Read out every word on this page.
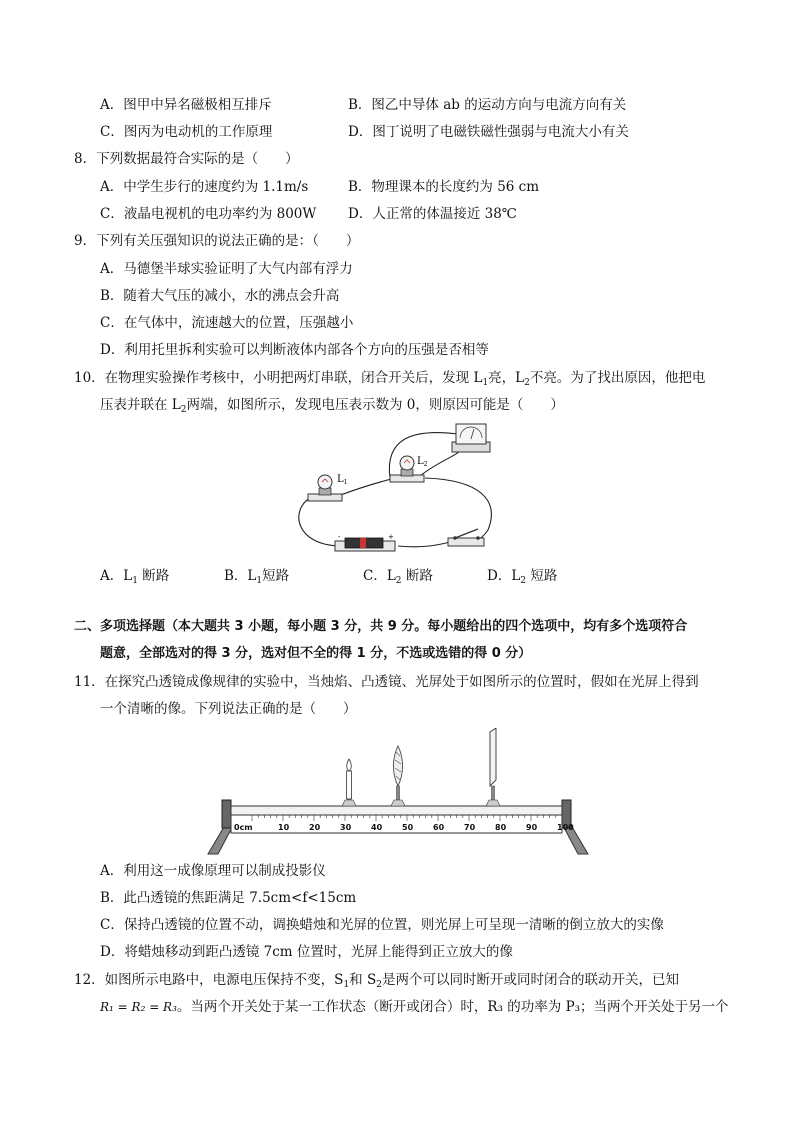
A．图甲中异名磁极相互排斥	B．图乙中导体 ab 的运动方向与电流方向有关
C．图丙为电动机的工作原理	D．图丁说明了电磁铁磁性强弱与电流大小有关
8．下列数据最符合实际的是（　　）
A．中学生步行的速度约为 1.1m/s	B．物理课本的长度约为 56 cm
C．液晶电视机的电功率约为 800W D．人正常的体温接近 38℃
9．下列有关压强知识的说法正确的是：（　　）
A．马德堡半球实验证明了大气内部有浮力
B．随着大气压的减小，水的沸点会升高
C．在气体中，流速越大的位置，压强越小
D．利用托里拆利实验可以判断液体内部各个方向的压强是否相等
10．在物理实验操作考核中，小明把两灯串联，闭合开关后，发现 $L_1$亮，$L_2$不亮。为了找出原因，他把电
压表并联在 $L_2$两端，如图所示，发现电压表示数为 0，则原因可能是（　　）
$L_1$
$L_2$
-	+
A．$L_1$ 断路	B．$L_1$短路	C．$L_2$ 断路	D．$L_2$ 短路
二、多项选择题（本大题共 3 小题，每小题 3 分，共 9 分。每小题给出的四个选项中，均有多个选项符合
题意，全部选对的得 3 分，选对但不全的得 1 分，不选或选错的得 0 分）
11．在探究凸透镜成像规律的实验中，当烛焰、凸透镜、光屏处于如图所示的位置时，假如在光屏上得到
一个清晰的像。下列说法正确的是（　　）
0cm	10 20 30 40 50 60 70 80 90 100
A．利用这一成像原理可以制成投影仪
B．此凸透镜的焦距满足 7.5cm<f<15cm
C．保持凸透镜的位置不动，调换蜡烛和光屏的位置，则光屏上可呈现一清晰的倒立放大的实像
D．将蜡烛移动到距凸透镜 7cm 位置时，光屏上能得到正立放大的像
12．如图所示电路中，电源电压保持不变，$S_1$和 $S_2$是两个可以同时断开或同时闭合的联动开关，已知
R₁ = R₂ = R₃。当两个开关处于某一工作状态（断开或闭合）时，R₃ 的功率为 P₃；当两个开关处于另一个
